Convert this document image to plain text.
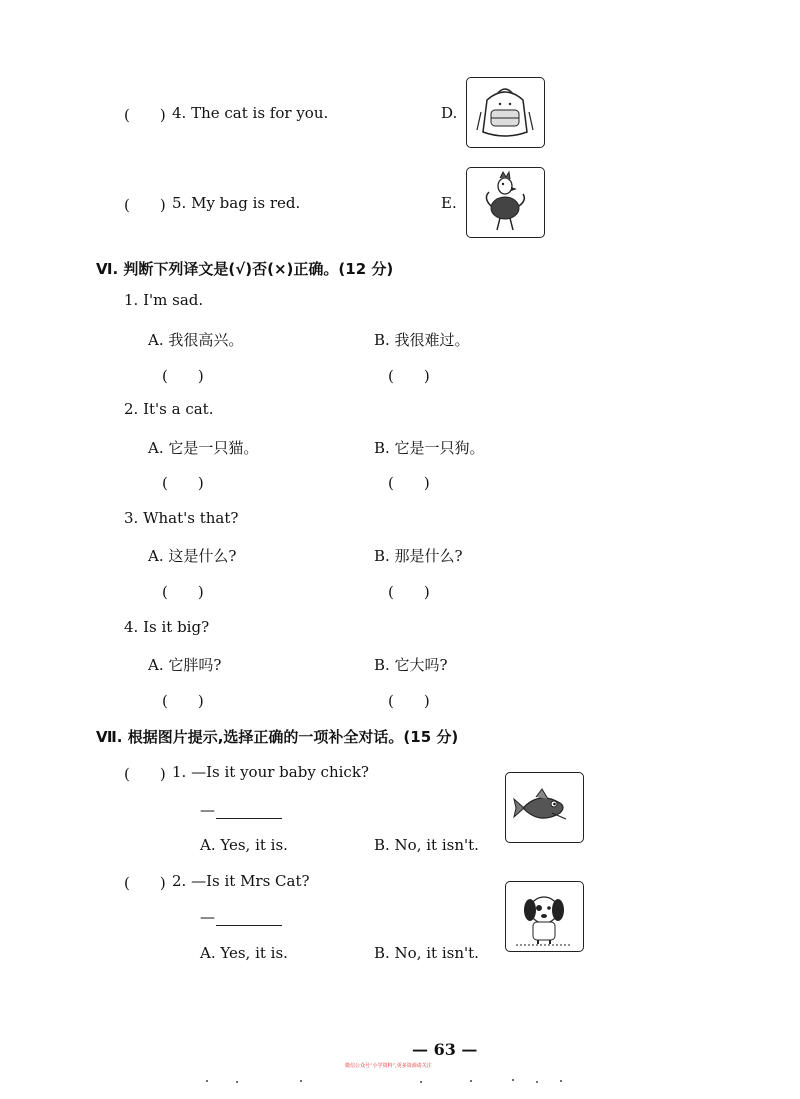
(　　) 4. The cat is for you.	D.
(　　) 5. My bag is red.	E.
Ⅵ. 判断下列译文是(√)否(×)正确。(12 分)
1. I'm sad.
A. 我很高兴。	B. 我很难过。
(　　)	(　　)
2. It's a cat.
A. 它是一只猫。	B. 它是一只狗。
(　　)	(　　)
3. What's that?
A. 这是什么?	B. 那是什么?
(　　)	(　　)
4. Is it big?
A. 它胖吗?	B. 它大吗?
(　　)	(　　)
Ⅶ. 根据图片提示,选择正确的一项补全对话。(15 分)
(　　) 1. —Is it your baby chick?
—
A. Yes, it is.	B. No, it isn't.
(　　) 2. —Is it Mrs Cat?
—
A. Yes, it is.	B. No, it isn't.
— 63 —
微信公众号“小学资料”,更多资源请关注
